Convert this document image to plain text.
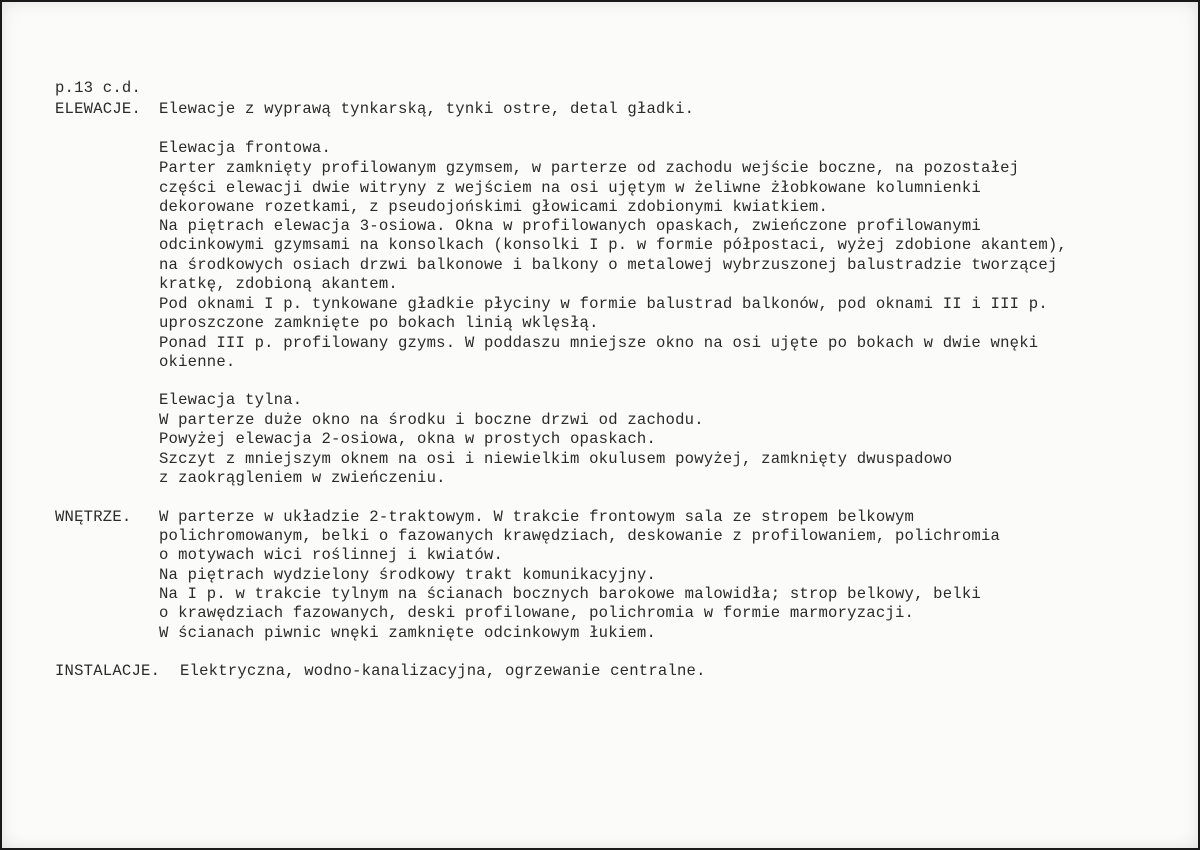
p.13 c.d.
ELEWACJE. Elewacje z wyprawą tynkarską, tynki ostre, detal gładki.
Elewacja frontowa.
Parter zamknięty profilowanym gzymsem, w parterze od zachodu wejście boczne, na pozostałej
części elewacji dwie witryny z wejściem na osi ujętym w żeliwne żłobkowane kolumnienki
dekorowane rozetkami, z pseudojońskimi głowicami zdobionymi kwiatkiem.
Na piętrach elewacja 3-osiowa. Okna w profilowanych opaskach, zwieńczone profilowanymi
odcinkowymi gzymsami na konsolkach (konsolki I p. w formie półpostaci, wyżej zdobione akantem),
na środkowych osiach drzwi balkonowe i balkony o metalowej wybrzuszonej balustradzie tworzącej
kratkę, zdobioną akantem.
Pod oknami I p. tynkowane gładkie płyciny w formie balustrad balkonów, pod oknami II i III p.
uproszczone zamknięte po bokach linią wklęsłą.
Ponad III p. profilowany gzyms. W poddaszu mniejsze okno na osi ujęte po bokach w dwie wnęki
okienne.
Elewacja tylna.
W parterze duże okno na środku i boczne drzwi od zachodu.
Powyżej elewacja 2-osiowa, okna w prostych opaskach.
Szczyt z mniejszym oknem na osi i niewielkim okulusem powyżej, zamknięty dwuspadowo
z zaokrągleniem w zwieńczeniu.
WNĘTRZE. W parterze w układzie 2-traktowym. W trakcie frontowym sala ze stropem belkowym
polichromowanym, belki o fazowanych krawędziach, deskowanie z profilowaniem, polichromia
o motywach wici roślinnej i kwiatów.
Na piętrach wydzielony środkowy trakt komunikacyjny.
Na I p. w trakcie tylnym na ścianach bocznych barokowe malowidła; strop belkowy, belki
o krawędziach fazowanych, deski profilowane, polichromia w formie marmoryzacji.
W ścianach piwnic wnęki zamknięte odcinkowym łukiem.
INSTALACJE. Elektryczna, wodno-kanalizacyjna, ogrzewanie centralne.
